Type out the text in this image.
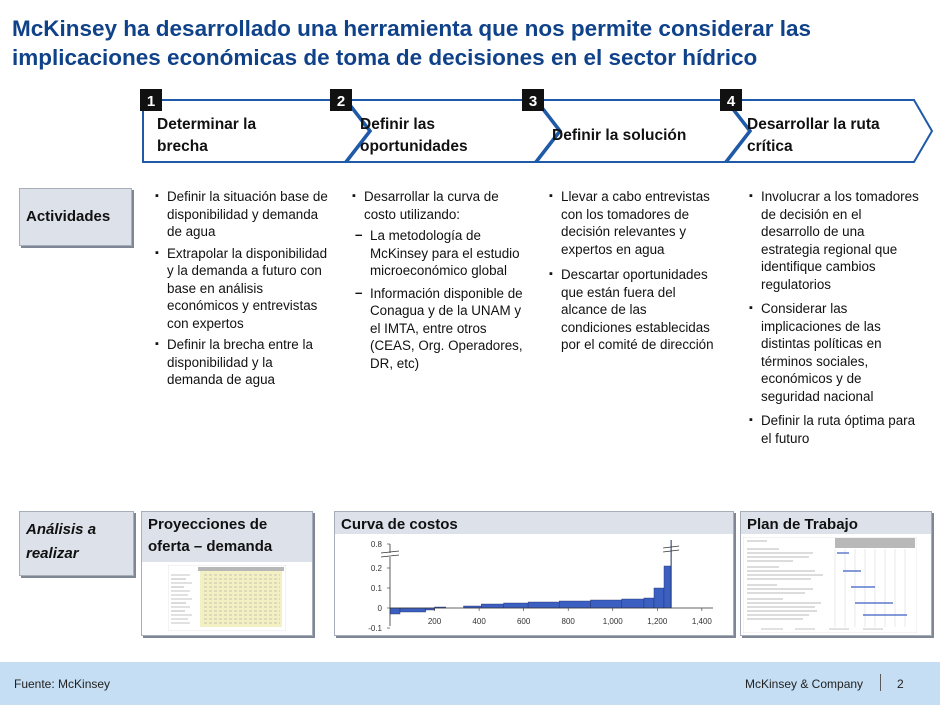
McKinsey ha desarrollado una herramienta que nos permite considerar las implicaciones económicas de toma de decisiones en el sector hídrico
Determinar la brecha
Definir las oportunidades
Definir la solución
Desarrollar la ruta crítica
1	2	3	4
Actividades
Análisis a
realizar
▪ Definir la situación base de disponibilidad y demanda de agua
▪ Extrapolar la disponibilidad y la demanda a futuro con base en análisis económicos y entrevistas con expertos
▪ Definir la brecha entre la disponibilidad y la demanda de agua
▪ Desarrollar la curva de costo utilizando:
– La metodología de McKinsey para el estudio microeconómico global
– Información disponible de Conagua y de la UNAM y el IMTA, entre otros (CEAS, Org. Operadores, DR, etc)
▪ Llevar a cabo entrevistas con los tomadores de decisión relevantes y expertos en agua
▪ Descartar oportunidades que están fuera del alcance de las condiciones establecidas por el comité de dirección
▪ Involucrar a los tomadores de decisión en el desarrollo de una estrategia regional que identifique cambios regulatorios
▪ Considerar las implicaciones de las distintas políticas en términos sociales, económicos y de seguridad nacional
▪ Definir la ruta óptima para el futuro
Proyecciones de oferta – demanda
Curva de costos
-0.1
0
0.1
0.2
0.8
200	400	600	800	1,000	1,200	1,400
Plan de Trabajo
Fuente: McKinsey	McKinsey & Company	2
